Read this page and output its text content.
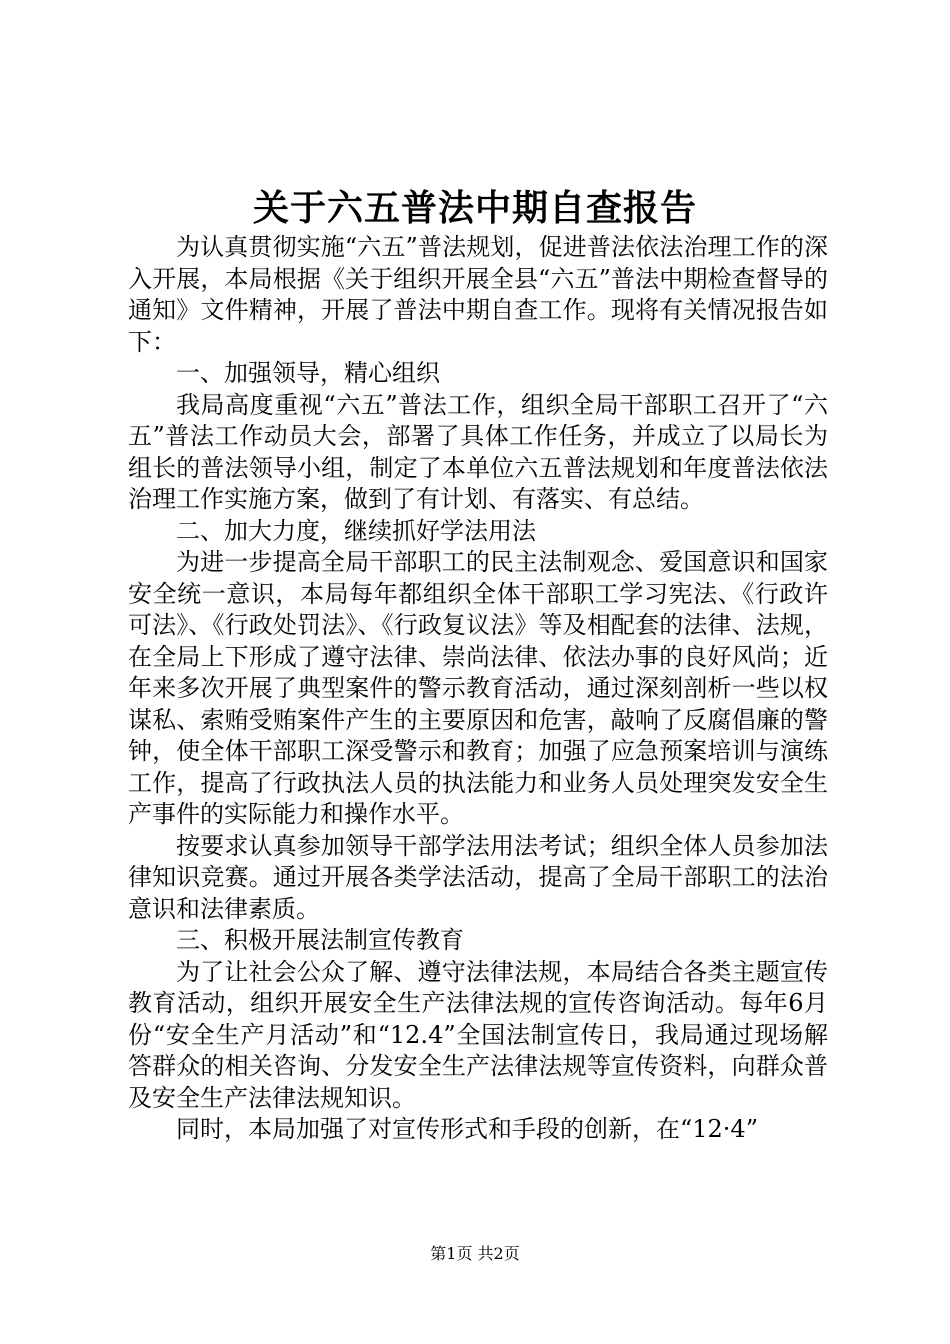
关于六五普法中期自查报告

为认真贯彻实施“六五”普法规划，促进普法依法治理工作的深入开展，本局根据《关于组织开展全县“六五”普法中期检查督导的通知》文件精神，开展了普法中期自查工作。现将有关情况报告如下：

一、加强领导，精心组织

我局高度重视“六五”普法工作，组织全局干部职工召开了“六五”普法工作动员大会，部署了具体工作任务，并成立了以局长为组长的普法领导小组，制定了本单位六五普法规划和年度普法依法治理工作实施方案，做到了有计划、有落实、有总结。

二、加大力度，继续抓好学法用法

为进一步提高全局干部职工的民主法制观念、爱国意识和国家安全统一意识，本局每年都组织全体干部职工学习宪法、《行政许可法》、《行政处罚法》、《行政复议法》等及相配套的法律、法规，在全局上下形成了遵守法律、崇尚法律、依法办事的良好风尚；近年来多次开展了典型案件的警示教育活动，通过深刻剖析一些以权谋私、索贿受贿案件产生的主要原因和危害，敲响了反腐倡廉的警钟，使全体干部职工深受警示和教育；加强了应急预案培训与演练工作，提高了行政执法人员的执法能力和业务人员处理突发安全生产事件的实际能力和操作水平。

按要求认真参加领导干部学法用法考试；组织全体人员参加法律知识竞赛。通过开展各类学法活动，提高了全局干部职工的法治意识和法律素质。

三、积极开展法制宣传教育

为了让社会公众了解、遵守法律法规，本局结合各类主题宣传教育活动，组织开展安全生产法律法规的宣传咨询活动。每年6月份“安全生产月活动”和“12.4”全国法制宣传日，我局通过现场解答群众的相关咨询、分发安全生产法律法规等宣传资料，向群众普及安全生产法律法规知识。

同时，本局加强了对宣传形式和手段的创新，在“12·4”

第1页 共2页
